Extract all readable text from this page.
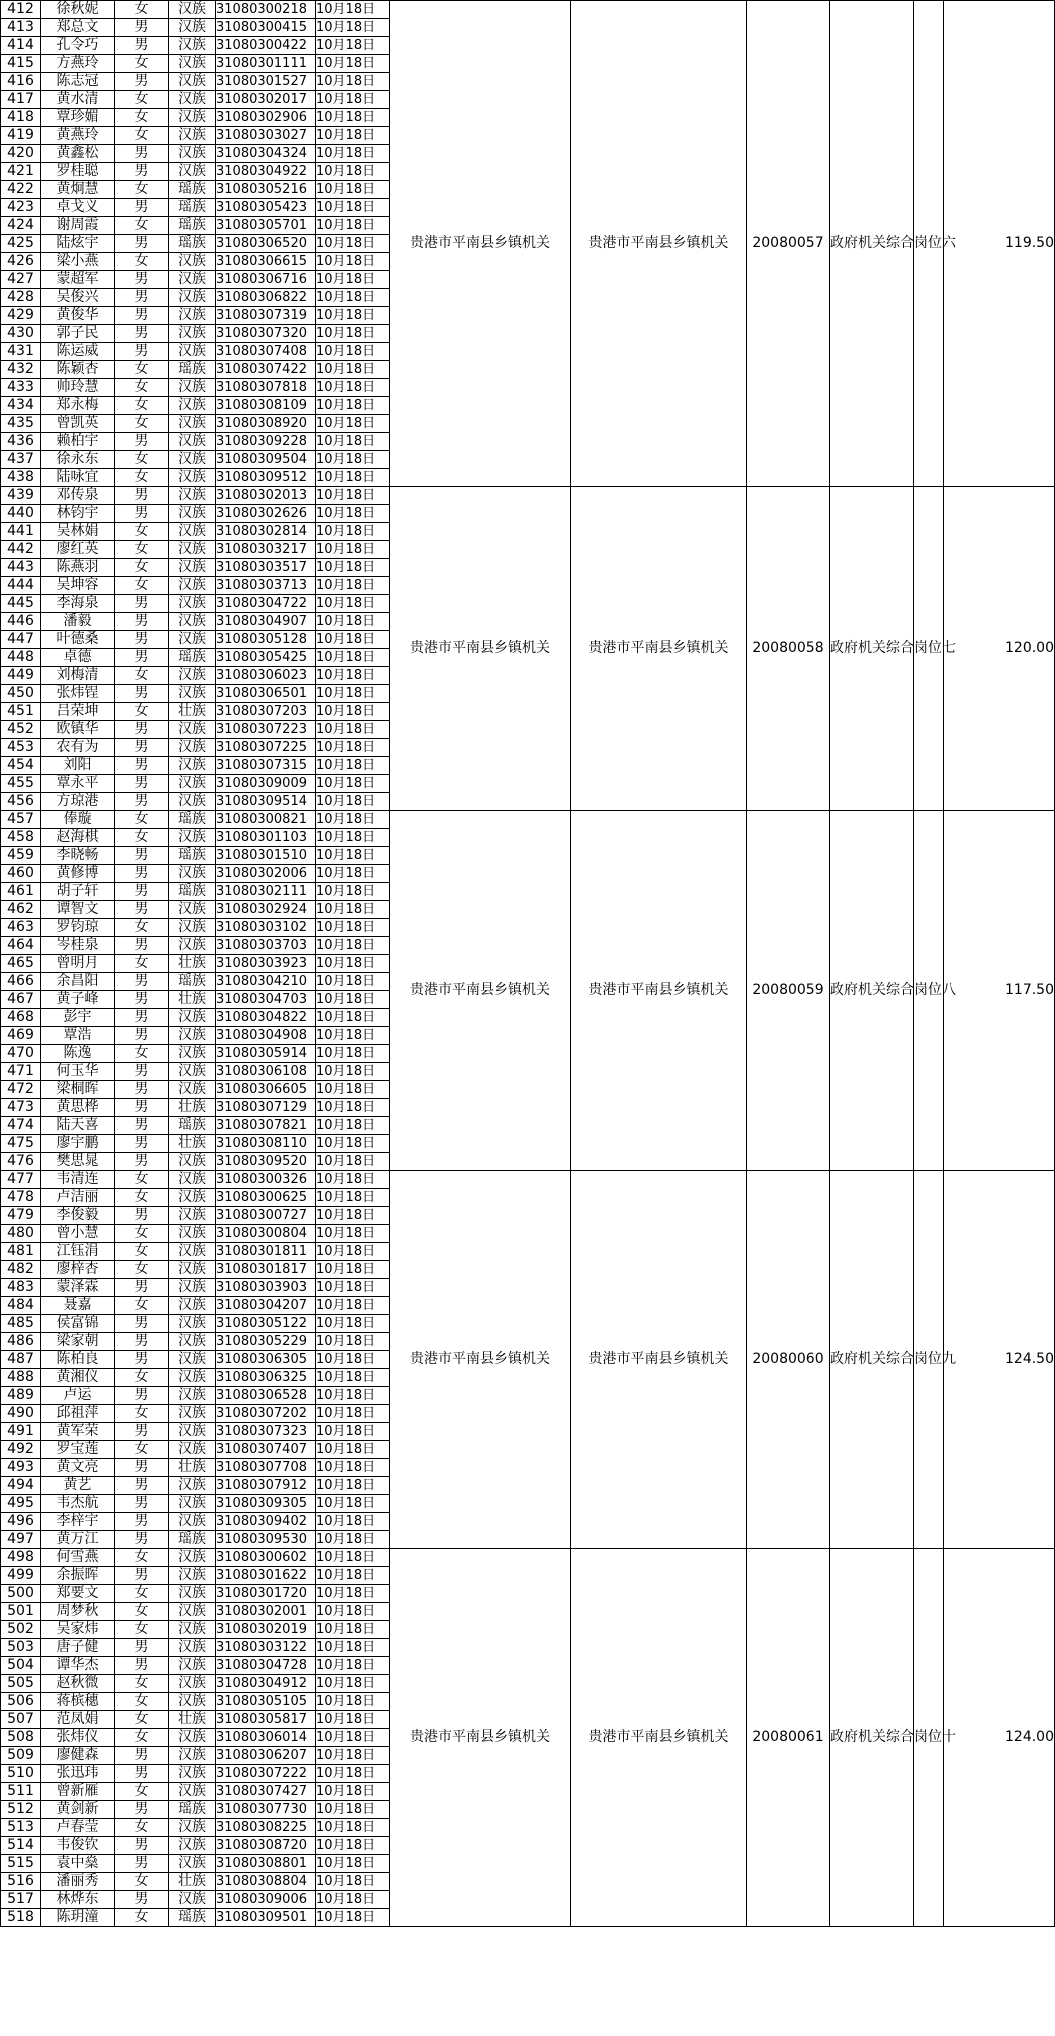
412	徐秋妮	女	汉族	31080300218	10月18日	贵港市平南县乡镇机关	贵港市平南县乡镇机关	20080057	政府机关综合岗位六		119.50
413	郑总文	男	汉族	31080300415	10月18日						
414	孔令巧	男	汉族	31080300422	10月18日						
415	方燕玲	女	汉族	31080301111	10月18日						
416	陈志冠	男	汉族	31080301527	10月18日						
417	黄水清	女	汉族	31080302017	10月18日						
418	覃珍媚	女	汉族	31080302906	10月18日						
419	黄燕玲	女	汉族	31080303027	10月18日						
420	黄鑫松	男	汉族	31080304324	10月18日						
421	罗桂聪	男	汉族	31080304922	10月18日						
422	黄炯慧	女	瑶族	31080305216	10月18日						
423	卓戈义	男	瑶族	31080305423	10月18日						
424	谢周霞	女	瑶族	31080305701	10月18日						
425	陆炫宇	男	瑶族	31080306520	10月18日						
426	梁小燕	女	汉族	31080306615	10月18日						
427	蒙超军	男	汉族	31080306716	10月18日						
428	吴俊兴	男	汉族	31080306822	10月18日						
429	黄俊华	男	汉族	31080307319	10月18日						
430	郭子民	男	汉族	31080307320	10月18日						
431	陈运威	男	汉族	31080307408	10月18日						
432	陈颖杏	女	瑶族	31080307422	10月18日						
433	帅玲慧	女	汉族	31080307818	10月18日						
434	郑永梅	女	汉族	31080308109	10月18日						
435	曾凯英	女	汉族	31080308920	10月18日						
436	赖柏宇	男	汉族	31080309228	10月18日						
437	徐永东	女	汉族	31080309504	10月18日						
438	陆咏宜	女	汉族	31080309512	10月18日						
439	邓传泉	男	汉族	31080302013	10月18日	贵港市平南县乡镇机关	贵港市平南县乡镇机关	20080058	政府机关综合岗位七		120.00
440	林钧宇	男	汉族	31080302626	10月18日						
441	吴林娟	女	汉族	31080302814	10月18日						
442	廖红英	女	汉族	31080303217	10月18日						
443	陈燕羽	女	汉族	31080303517	10月18日						
444	吴坤容	女	汉族	31080303713	10月18日						
445	李海泉	男	汉族	31080304722	10月18日						
446	潘毅	男	汉族	31080304907	10月18日						
447	叶德桑	男	汉族	31080305128	10月18日						
448	卓德	男	瑶族	31080305425	10月18日						
449	刘梅清	女	汉族	31080306023	10月18日						
450	张炜锃	男	汉族	31080306501	10月18日						
451	吕荣坤	女	壮族	31080307203	10月18日						
452	欧镇华	男	汉族	31080307223	10月18日						
453	农有为	男	汉族	31080307225	10月18日						
454	刘阳	男	汉族	31080307315	10月18日						
455	覃永平	男	汉族	31080309009	10月18日						
456	方琼港	男	汉族	31080309514	10月18日						
457	俸璇	女	瑶族	31080300821	10月18日	贵港市平南县乡镇机关	贵港市平南县乡镇机关	20080059	政府机关综合岗位八		117.50
458	赵海棋	女	汉族	31080301103	10月18日						
459	李晓畅	男	瑶族	31080301510	10月18日						
460	黄修博	男	汉族	31080302006	10月18日						
461	胡子轩	男	瑶族	31080302111	10月18日						
462	谭智文	男	汉族	31080302924	10月18日						
463	罗钧琼	女	汉族	31080303102	10月18日						
464	岑桂泉	男	汉族	31080303703	10月18日						
465	曾明月	女	壮族	31080303923	10月18日						
466	余昌阳	男	瑶族	31080304210	10月18日						
467	黄子峰	男	壮族	31080304703	10月18日						
468	彭宇	男	汉族	31080304822	10月18日						
469	覃浩	男	汉族	31080304908	10月18日						
470	陈逸	女	汉族	31080305914	10月18日						
471	何玉华	男	汉族	31080306108	10月18日						
472	梁桐晖	男	汉族	31080306605	10月18日						
473	黄思桦	男	壮族	31080307129	10月18日						
474	陆天喜	男	瑶族	31080307821	10月18日						
475	廖宇鹏	男	壮族	31080308110	10月18日						
476	樊思晁	男	汉族	31080309520	10月18日						
477	韦清连	女	汉族	31080300326	10月18日	贵港市平南县乡镇机关	贵港市平南县乡镇机关	20080060	政府机关综合岗位九		124.50
478	卢洁丽	女	汉族	31080300625	10月18日						
479	李俊毅	男	汉族	31080300727	10月18日						
480	曾小慧	女	汉族	31080300804	10月18日						
481	江钰涓	女	汉族	31080301811	10月18日						
482	廖梓杏	女	汉族	31080301817	10月18日						
483	蒙泽霖	男	汉族	31080303903	10月18日						
484	聂嘉	女	汉族	31080304207	10月18日						
485	侯富锦	男	汉族	31080305122	10月18日						
486	梁家朝	男	汉族	31080305229	10月18日						
487	陈柏良	男	汉族	31080306305	10月18日						
488	黄湘仪	女	汉族	31080306325	10月18日						
489	卢运	男	汉族	31080306528	10月18日						
490	邱祖萍	女	汉族	31080307202	10月18日						
491	黄军荣	男	汉族	31080307323	10月18日						
492	罗宝莲	女	汉族	31080307407	10月18日						
493	黄文亮	男	壮族	31080307708	10月18日						
494	黄艺	男	汉族	31080307912	10月18日						
495	韦杰航	男	汉族	31080309305	10月18日						
496	李梓宇	男	汉族	31080309402	10月18日						
497	黄万江	男	瑶族	31080309530	10月18日						
498	何雪燕	女	汉族	31080300602	10月18日	贵港市平南县乡镇机关	贵港市平南县乡镇机关	20080061	政府机关综合岗位十		124.00
499	余振晖	男	汉族	31080301622	10月18日						
500	郑要文	女	汉族	31080301720	10月18日						
501	周梦秋	女	汉族	31080302001	10月18日						
502	吴家炜	女	汉族	31080302019	10月18日						
503	唐子健	男	汉族	31080303122	10月18日						
504	谭华杰	男	汉族	31080304728	10月18日						
505	赵秋微	女	汉族	31080304912	10月18日						
506	蒋槟穗	女	汉族	31080305105	10月18日						
507	范凤娟	女	壮族	31080305817	10月18日						
508	张炜仪	女	汉族	31080306014	10月18日						
509	廖健森	男	汉族	31080306207	10月18日						
510	张迅玮	男	汉族	31080307222	10月18日						
511	曾新雁	女	汉族	31080307427	10月18日						
512	黄剑新	男	瑶族	31080307730	10月18日						
513	卢春莹	女	汉族	31080308225	10月18日						
514	韦俊钦	男	汉族	31080308720	10月18日						
515	袁中燊	男	汉族	31080308801	10月18日						
516	潘丽秀	女	壮族	31080308804	10月18日						
517	林烨东	男	汉族	31080309006	10月18日						
518	陈玥潼	女	瑶族	31080309501	10月18日						
